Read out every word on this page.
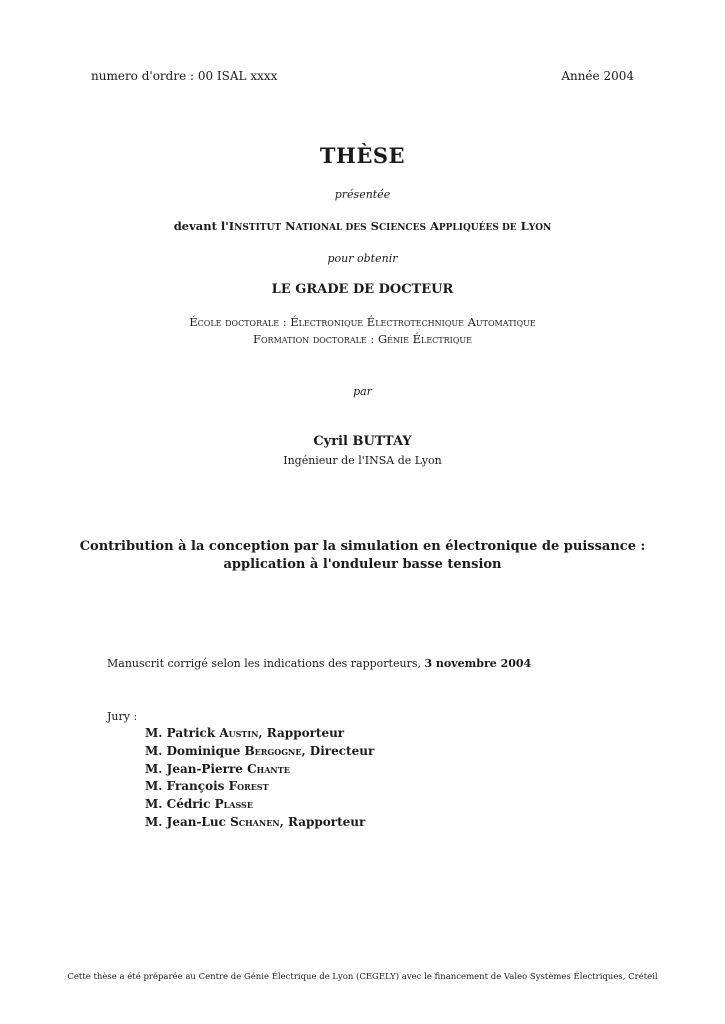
numero d'ordre : 00 ISAL xxxx	Année 2004
THÈSE
présentée
devant l'INSTITUT NATIONAL DES SCIENCES APPLIQUÉES DE LYON
pour obtenir
LE GRADE DE DOCTEUR
École doctorale : Électronique Électrotechnique Automatique
Formation doctorale : Génie Électrique
par
Cyril BUTTAY
Ingénieur de l'INSA de Lyon
Contribution à la conception par la simulation en électronique de puissance :
application à l'onduleur basse tension
Manuscrit corrigé selon les indications des rapporteurs, 3 novembre 2004
Jury :
M. Patrick Austin, Rapporteur
M. Dominique Bergogne, Directeur
M. Jean-Pierre Chante
M. François Forest
M. Cédric Plasse
M. Jean-Luc Schanen, Rapporteur
Cette thèse a été préparée au Centre de Génie Électrique de Lyon (CEGELY) avec le financement de Valeo Systèmes Électriques, Créteil
